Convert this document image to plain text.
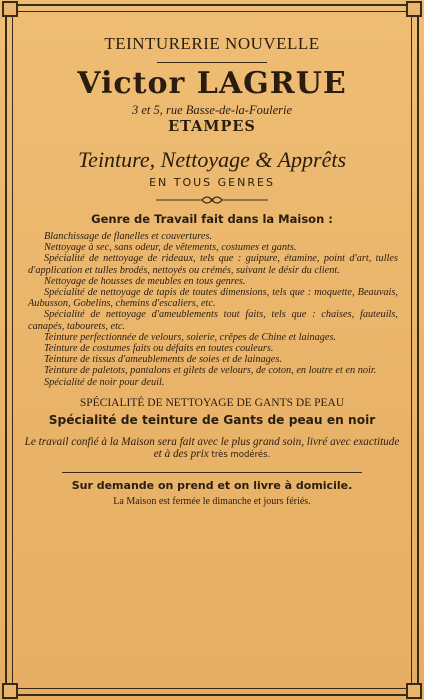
TEINTURERIE NOUVELLE
Victor LAGRUE
3 et 5, rue Basse-de-la-Foulerie
ETAMPES
Teinture, Nettoyage & Apprêts
EN TOUS GENRES
Genre de Travail fait dans la Maison :

Blanchissage de flanelles et couvertures.

Nettoyage à sec, sans odeur, de vêtements, costumes et gants.

Spécialité de nettoyage de rideaux, tels que : guipure, étamine, point d'art, tulles d'application et tulles brodés, nettoyés ou crémés, suivant le désir du client.

Nettoyage de housses de meubles en tous genres.

Spécialité de nettoyage de tapis de toutes dimensions, tels que : moquette, Beauvais, Aubusson, Gobelins, chemins d'escaliers, etc.

Spécialité de nettoyage d'ameublements tout faits, tels que : chaises, fauteuils, canapés, tabourets, etc.

Teinture perfectionnée de velours, soierie, crêpes de Chine et lainages.

Teinture de costumes faits ou défaits en toutes couleurs.

Teinture de tissus d'ameublements de soies et de lainages.

Teinture de paletots, pantalons et gilets de velours, de coton, en loutre et en noir.

Spécialité de noir pour deuil.

SPÉCIALITÉ DE NETTOYAGE DE GANTS DE PEAU
Spécialité de teinture de Gants de peau en noir
Le travail confié à la Maison sera fait avec le plus grand soin, livré avec exactitude et à des prix très modérés.
Sur demande on prend et on livre à domicile.
La Maison est fermée le dimanche et jours fériés.
